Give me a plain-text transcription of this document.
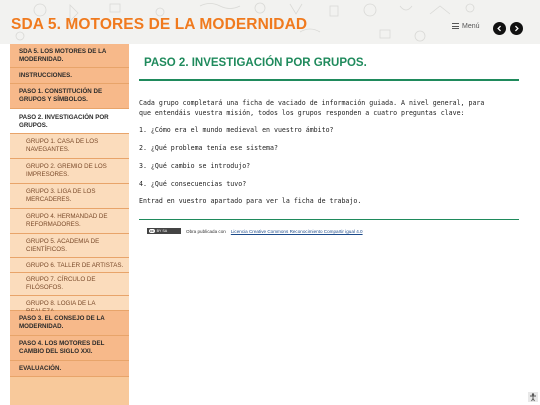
SDA 5. MOTORES DE LA MODERNIDAD	Menú
SDA 5. LOS MOTORES DE LA
MODERNIDAD.
INSTRUCCIONES.
PASO 1. CONSTITUCIÓN DE
GRUPOS Y SÍMBOLOS.
PASO 2. INVESTIGACIÓN POR
GRUPOS.
GRUPO 1. CASA DE LOS
NAVEGANTES.
GRUPO 2. GREMIO DE LOS
IMPRESORES.
GRUPO 3. LIGA DE LOS
MERCADERES.
GRUPO 4. HERMANDAD DE
REFORMADORES.
GRUPO 5. ACADEMIA DE
CIENTÍFICOS.
GRUPO 6. TALLER DE ARTISTAS.
GRUPO 7. CÍRCULO DE
FILÓSOFOS.
GRUPO 8. LOGIA DE LA
PASO 3. EL CONSEJO DE LA
MODERNIDAD.
PASO 4. LOS MOTORES DEL
CAMBIO DEL SIGLO XXI.
EVALUACIÓN.
PASO 2. INVESTIGACIÓN POR GRUPOS.
Cada grupo completará una ficha de vaciado de información guiada. A nivel general, para
que entendáis vuestra misión, todos los grupos responden a cuatro preguntas clave:
1. ¿Cómo era el mundo medieval en vuestro ámbito?
2. ¿Qué problema tenía ese sistema?
3. ¿Qué cambio se introdujo?
4. ¿Qué consecuencias tuvo?
Entrad en vuestro apartado para ver la ficha de trabajo.
cc BY SA	Obra publicada con Licencia Creative Commons Reconocimiento Compartir igual 4.0
